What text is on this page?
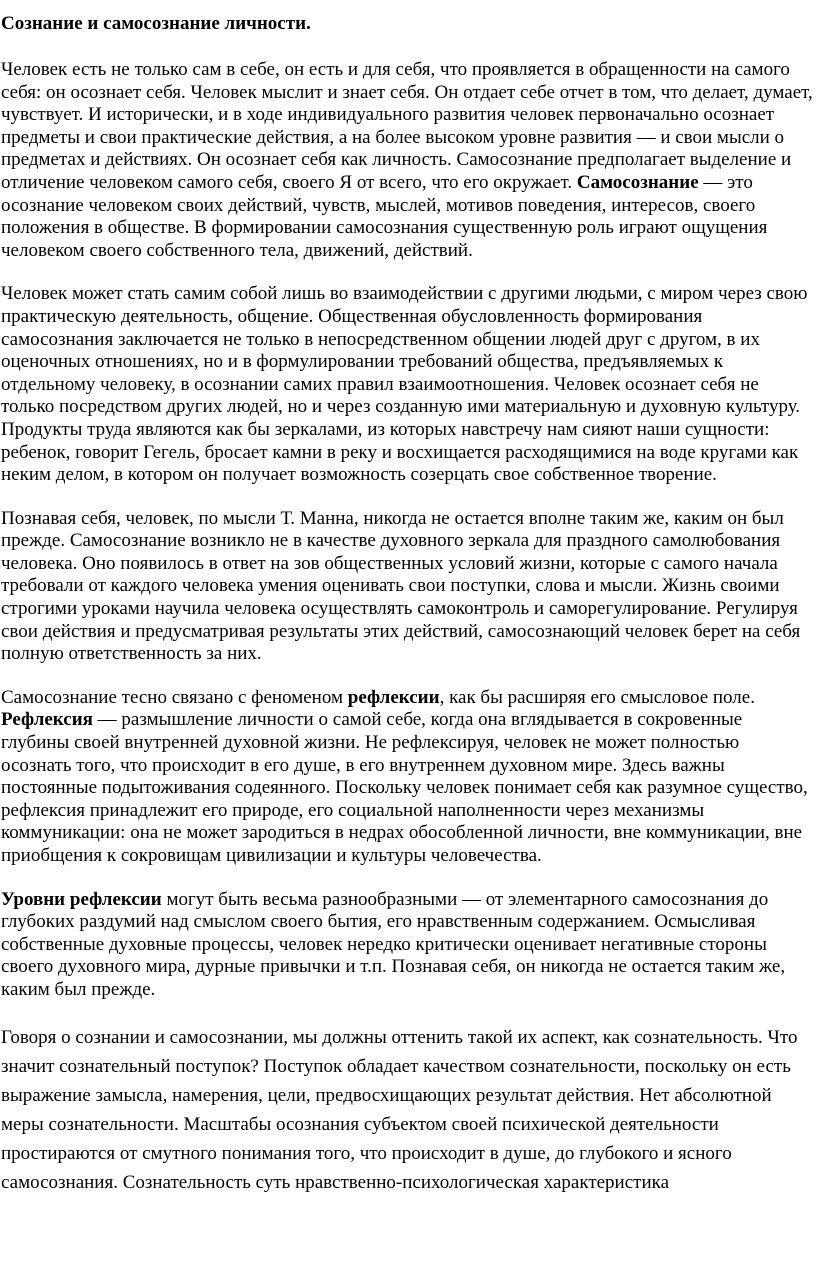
Сознание и самосознание личности.

Человек есть не только сам в себе, он есть и для себя, что проявляется в обращенности на самого себя: он осознает себя. Человек мыслит и знает себя. Он отдает себе отчет в том, что делает, думает, чувствует. И исторически, и в ходе индивидуального развития человек первоначально осознает предметы и свои практические действия, а на более высоком уровне развития — и свои мысли о предметах и действиях. Он осознает себя как личность. Самосознание предполагает выделение и отличение человеком самого себя, своего Я от всего, что его окружает. Самосознание — это осознание человеком своих действий, чувств, мыслей, мотивов поведения, интересов, своего положения в обществе. В формировании самосознания существенную роль играют ощущения человеком своего собственного тела, движений, действий.

Человек может стать самим собой лишь во взаимодействии с другими людьми, с миром через свою практическую деятельность, общение. Общественная обусловленность формирования самосознания заключается не только в непосредственном общении людей друг с другом, в их оценочных отношениях, но и в формулировании требований общества, предъявляемых к отдельному человеку, в осознании самих правил взаимоотношения. Человек осознает себя не только посредством других людей, но и через созданную ими материальную и духовную культуру. Продукты труда являются как бы зеркалами, из которых навстречу нам сияют наши сущности: ребенок, говорит Гегель, бросает камни в реку и восхищается расходящимися на воде кругами как неким делом, в котором он получает возможность созерцать свое собственное творение.

Познавая себя, человек, по мысли Т. Манна, никогда не остается вполне таким же, каким он был прежде. Самосознание возникло не в качестве духовного зеркала для праздного самолюбования человека. Оно появилось в ответ на зов общественных условий жизни, которые с самого начала требовали от каждого человека умения оценивать свои поступки, слова и мысли. Жизнь своими строгими уроками научила человека осуществлять самоконтроль и саморегулирование. Регулируя свои действия и предусматривая результаты этих действий, самосознающий человек берет на себя полную ответственность за них.

Самосознание тесно связано с феноменом рефлексии, как бы расширяя его смысловое поле. Рефлексия — размышление личности о самой себе, когда она вглядывается в сокровенные глубины своей внутренней духовной жизни. Не рефлексируя, человек не может полностью осознать того, что происходит в его душе, в его внутреннем духовном мире. Здесь важны постоянные подытоживания содеянного. Поскольку человек понимает себя как разумное существо, рефлексия принадлежит его природе, его социальной наполненности через механизмы коммуникации: она не может зародиться в недрах обособленной личности, вне коммуникации, вне приобщения к сокровищам цивилизации и культуры человечества.

Уровни рефлексии могут быть весьма разнообразными — от элементарного самосознания до глубоких раздумий над смыслом своего бытия, его нравственным содержанием. Осмысливая собственные духовные процессы, человек нередко критически оценивает негативные стороны своего духовного мира, дурные привычки и т.п. Познавая себя, он никогда не остается таким же, каким был прежде.

Говоря о сознании и самосознании, мы должны оттенить такой их аспект, как сознательность. Что значит сознательный поступок? Поступок обладает качеством сознательности, поскольку он есть выражение замысла, намерения, цели, предвосхищающих результат действия. Нет абсолютной меры сознательности. Масштабы осознания субъектом своей психической деятельности простираются от смутного понимания того, что происходит в душе, до глубокого и ясного самосознания. Сознательность суть нравственно-психологическая характеристика
